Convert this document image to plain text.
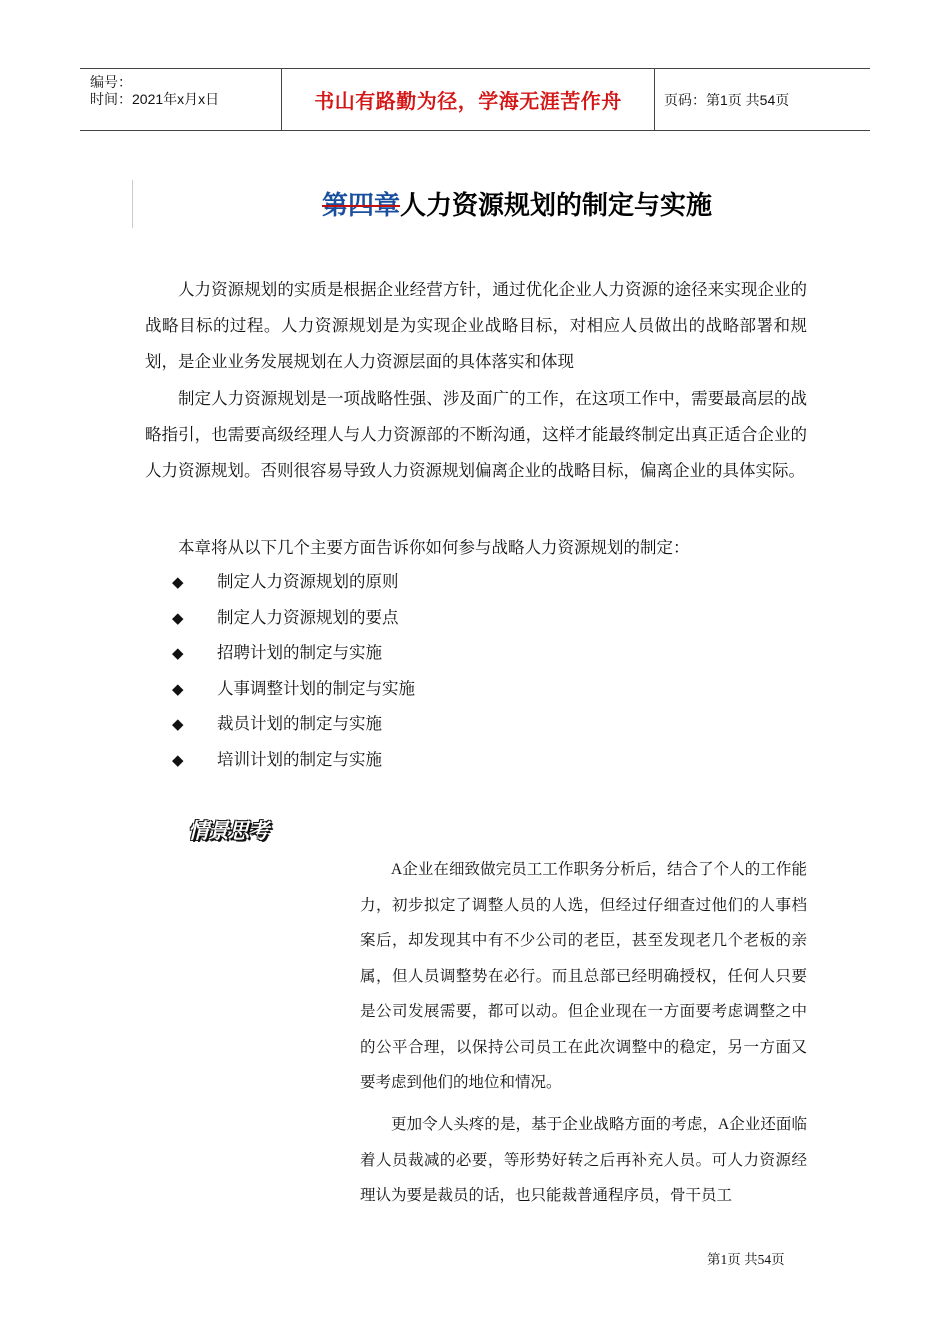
编号：
时间：2021年x月x日	书山有路勤为径，学海无涯苦作舟	页码：第1页 共54页
第四章人力资源规划的制定与实施

人力资源规划的实质是根据企业经营方针，通过优化企业人力资源的途径来实现企业的战略目标的过程。人力资源规划是为实现企业战略目标，对相应人员做出的战略部署和规划，是企业业务发展规划在人力资源层面的具体落实和体现

制定人力资源规划是一项战略性强、涉及面广的工作，在这项工作中，需要最高层的战略指引，也需要高级经理人与人力资源部的不断沟通，这样才能最终制定出真正适合企业的人力资源规划。否则很容易导致人力资源规划偏离企业的战略目标，偏离企业的具体实际。

本章将从以下几个主要方面告诉你如何参与战略人力资源规划的制定：

◆ 制定人力资源规划的原则
◆ 制定人力资源规划的要点
◆ 招聘计划的制定与实施
◆ 人事调整计划的制定与实施
◆ 裁员计划的制定与实施
◆ 培训计划的制定与实施
情景思考

A企业在细致做完员工工作职务分析后，结合了个人的工作能力，初步拟定了调整人员的人选，但经过仔细查过他们的人事档案后，却发现其中有不少公司的老臣，甚至发现老几个老板的亲属，但人员调整势在必行。而且总部已经明确授权，任何人只要是公司发展需要，都可以动。但企业现在一方面要考虑调整之中的公平合理，以保持公司员工在此次调整中的稳定，另一方面又要考虑到他们的地位和情况。

更加令人头疼的是，基于企业战略方面的考虑，A企业还面临着人员裁减的必要，等形势好转之后再补充人员。可人力资源经理认为要是裁员的话，也只能裁普通程序员，骨干员工

第1页 共54页
